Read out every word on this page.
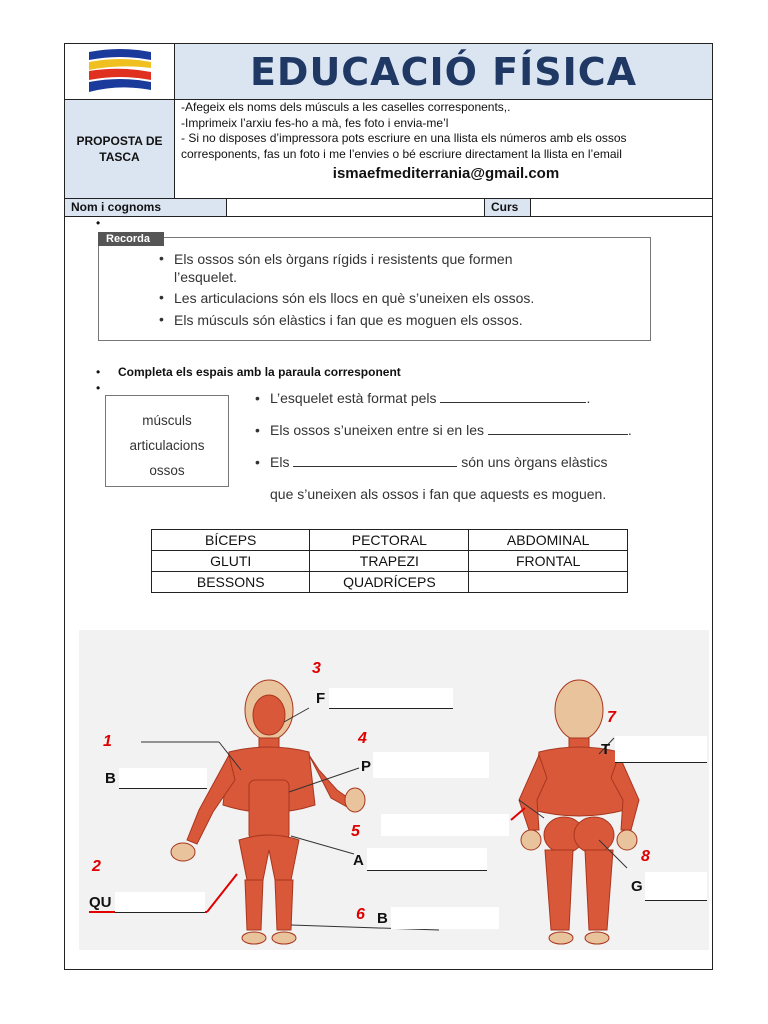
EDUCACIÓ FÍSICA
PROPOSTA DE TASCA
-Afegeix els noms dels músculs a les caselles corresponents,.
-Imprimeix l’arxiu fes-ho a mà, fes foto i envia-me’l
- Si no disposes d’impressora pots escriure en una llista els números amb els ossos
corresponents, fas un foto i me l’envies o bé escriure directament la llista en l’email
ismaefmediterrania@gmail.com
Nom i cognoms	Curs
•
Recorda
• Els ossos són els òrgans rígids i resistents que formen
l’esquelet.
• Les articulacions són els llocs en què s’uneixen els ossos.
• Els músculs són elàstics i fan que es moguen els ossos.
• Completa els espais amb la paraula corresponent
•
músculs
articulacions
ossos
• L’esquelet està format pels	.
• Els ossos s’uneixen entre si en les	.
• Els	són uns òrgans elàstics
que s’uneixen als ossos i fan que aquests es moguen.
BÍCEPS	PECTORAL	ABDOMINAL
GLUTI	TRAPEZI	FRONTAL
BESSONS	QUADRÍCEPS	
1
2
3
4
5
6
7
8
B
QU
F
P
A
B
T
G
